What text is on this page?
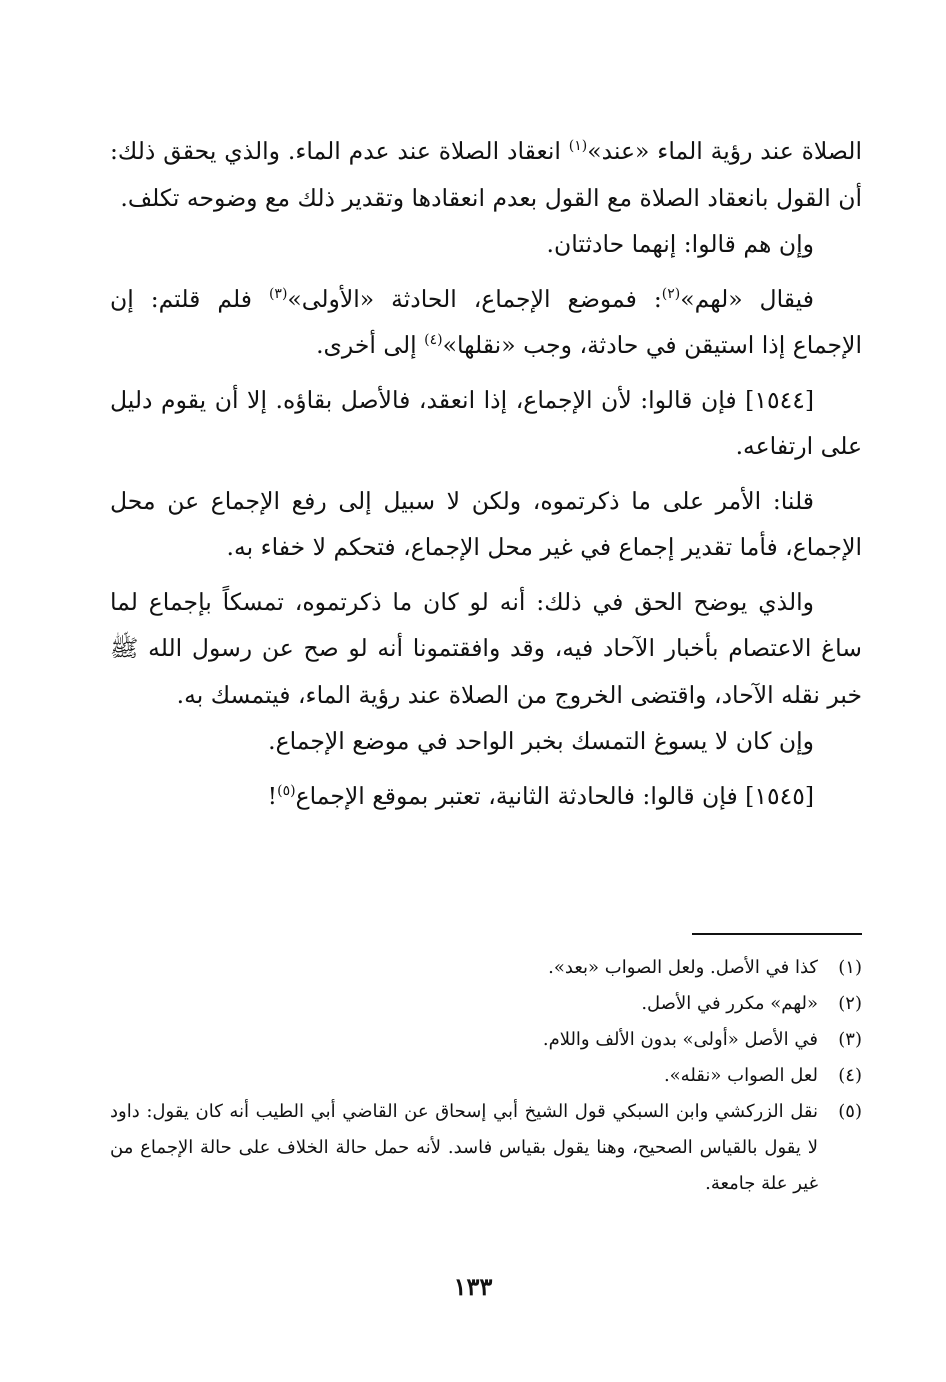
الصلاة عند رؤية الماء «عند»$^{(١)}$ انعقاد الصلاة عند عدم الماء. والذي يحقق ذلك: أن القول بانعقاد الصلاة مع القول بعدم انعقادها وتقدير ذلك مع وضوحه تكلف.

وإن هم قالوا: إنهما حادثتان.

فيقال «لهم»$^{(٢)}$: فموضع الإجماع، الحادثة «الأولى»$^{(٣)}$ فلم قلتم: إن الإجماع إذا استيقن في حادثة، وجب «نقلها»$^{(٤)}$ إلى أخرى.

[١٥٤٤] فإن قالوا: لأن الإجماع، إذا انعقد، فالأصل بقاؤه. إلا أن يقوم دليل على ارتفاعه.

قلنا: الأمر على ما ذكرتموه، ولكن لا سبيل إلى رفع الإجماع عن محل الإجماع، فأما تقدير إجماع في غير محل الإجماع، فتحكم لا خفاء به.

والذي يوضح الحق في ذلك: أنه لو كان ما ذكرتموه، تمسكاً بإجماع لما ساغ الاعتصام بأخبار الآحاد فيه، وقد وافقتمونا أنه لو صح عن رسول الله ﷺ خبر نقله الآحاد، واقتضى الخروج من الصلاة عند رؤية الماء، فيتمسك به.

وإن كان لا يسوغ التمسك بخبر الواحد في موضع الإجماع.

[١٥٤٥] فإن قالوا: فالحادثة الثانية، تعتبر بموقع الإجماع$^{(٥)}$!

(١)
كذا في الأصل. ولعل الصواب «بعد».
(٢)
«لهم» مكرر في الأصل.
(٣)
في الأصل «أولى» بدون الألف واللام.
(٤)
لعل الصواب «نقله».
(٥)
نقل الزركشي وابن السبكي قول الشيخ أبي إسحاق عن القاضي أبي الطيب أنه كان يقول: داود لا يقول بالقياس الصحيح، وهنا يقول بقياس فاسد. لأنه حمل حالة الخلاف على حالة الإجماع من غير علة جامعة.
١٣٣
